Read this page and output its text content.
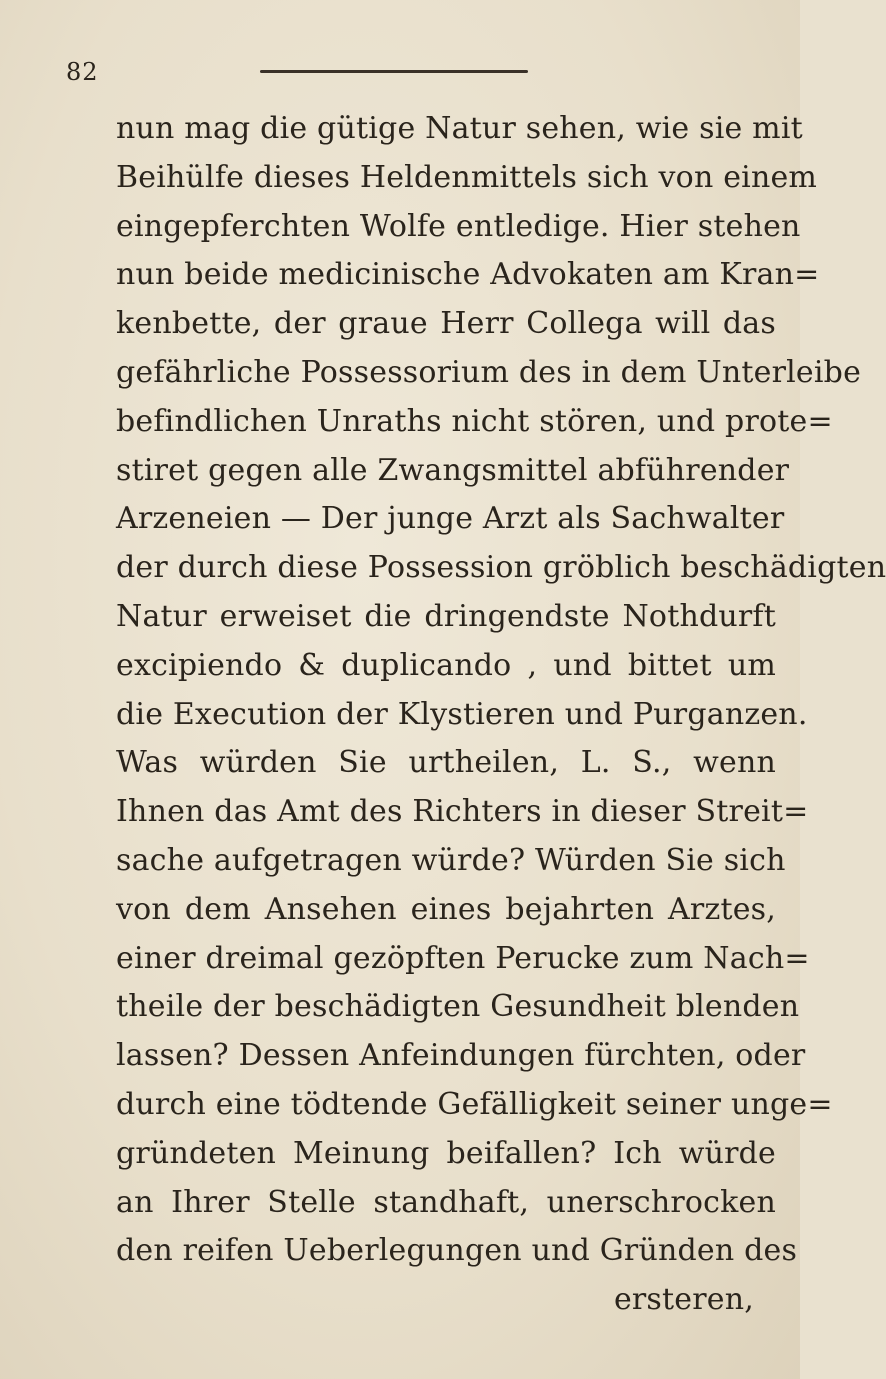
82
nun mag die gütige Natur sehen, wie sie mit
Beihülfe dieses Heldenmittels sich von einem
eingepferchten Wolfe entledige. Hier stehen
nun beide medicinische Advokaten am Kran=
kenbette, der graue Herr Collega will das
gefährliche Possessorium des in dem Unterleibe
befindlichen Unraths nicht stören, und prote=
stiret gegen alle Zwangsmittel abführender
Arzeneien — Der junge Arzt als Sachwalter
der durch diese Possession gröblich beschädigten
Natur erweiset die dringendste Nothdurft
excipiendo & duplicando , und bittet um
die Execution der Klystieren und Purganzen.
Was würden Sie urtheilen, L. S., wenn
Ihnen das Amt des Richters in dieser Streit=
sache aufgetragen würde? Würden Sie sich
von dem Ansehen eines bejahrten Arztes,
einer dreimal gezöpften Perucke zum Nach=
theile der beschädigten Gesundheit blenden
lassen? Dessen Anfeindungen fürchten, oder
durch eine tödtende Gefälligkeit seiner unge=
gründeten Meinung beifallen? Ich würde
an Ihrer Stelle standhaft, unerschrocken
den reifen Ueberlegungen und Gründen des
ersteren,
